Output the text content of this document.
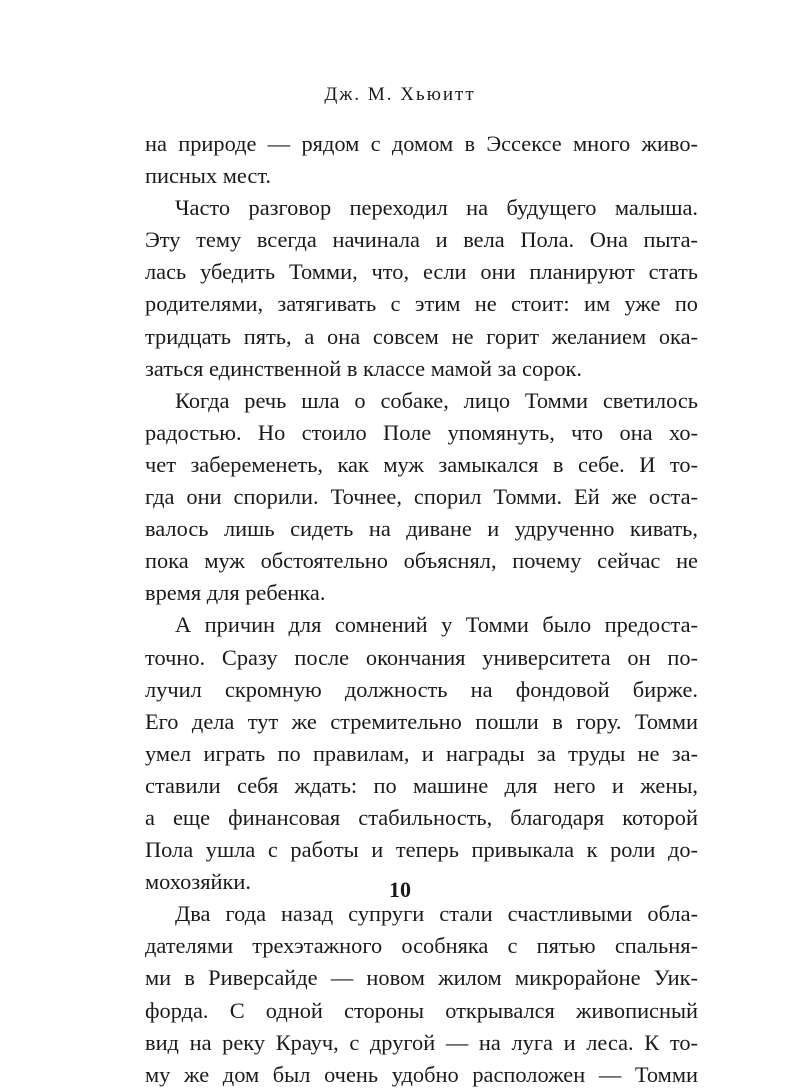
Дж. М. Хьюитт
на природе — рядом с домом в Эссексе много живо-
писных мест.
Часто разговор переходил на будущего малыша.
Эту тему всегда начинала и вела Пола. Она пыта-
лась убедить Томми, что, если они планируют стать
родителями, затягивать с этим не стоит: им уже по
тридцать пять, а она совсем не горит желанием ока-
заться единственной в классе мамой за сорок.
Когда речь шла о собаке, лицо Томми светилось
радостью. Но стоило Поле упомянуть, что она хо-
чет забеременеть, как муж замыкался в себе. И то-
гда они спорили. Точнее, спорил Томми. Ей же оста-
валось лишь сидеть на диване и удрученно кивать,
пока муж обстоятельно объяснял, почему сейчас не
время для ребенка.
А причин для сомнений у Томми было предоста-
точно. Сразу после окончания университета он по-
лучил скромную должность на фондовой бирже.
Его дела тут же стремительно пошли в гору. Томми
умел играть по правилам, и награды за труды не за-
ставили себя ждать: по машине для него и жены,
а еще финансовая стабильность, благодаря которой
Пола ушла с работы и теперь привыкала к роли до-
мохозяйки.
Два года назад супруги стали счастливыми обла-
дателями трехэтажного особняка с пятью спальня-
ми в Риверсайде — новом жилом микрорайоне Уик-
форда. С одной стороны открывался живописный
вид на реку Крауч, с другой — на луга и леса. К то-
му же дом был очень удобно расположен — Томми
10
